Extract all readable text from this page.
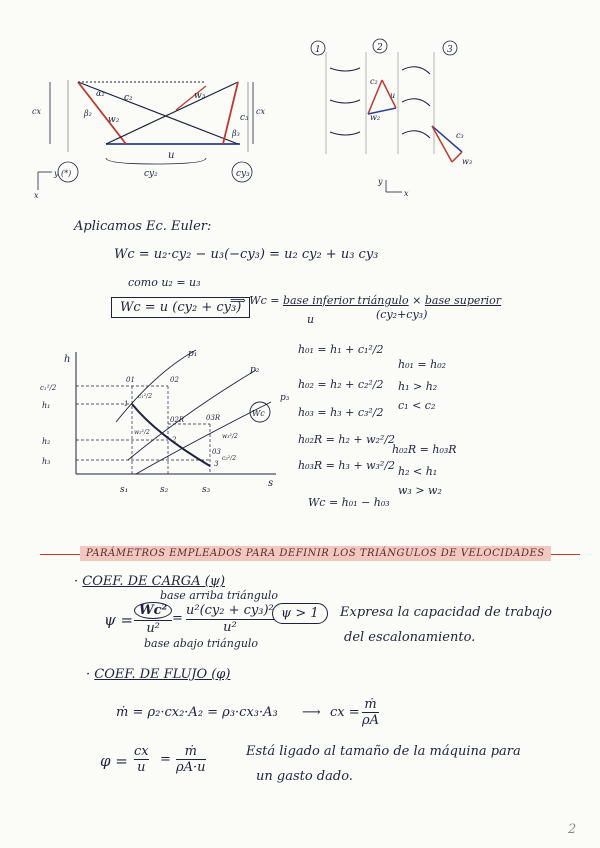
c₂	w₃
w₂	c₃
u
cx	cx
β₂
β₃
α₂
cy₂	cy₃
(*)
y
x
1	2	3
c₂
u
w₂
c₃
w₃
y
x
Aplicamos Ec. Euler:
Wc = u₂·cy₂ − u₃(−cy₃) = u₂ cy₂ + u₃ cy₃
como u₂ = u₃
Wc = u (cy₂ + cy₃)
⟹ Wc = base inferior triángulo × base superior
u	(cy₂+cy₃)
h
s
p₁
p₂
p₃
c₁²/2
h₁
h₂
h₃
s₁	s₂	s₃
01	02
02R	03R
03
1
2
3
c₁²/2
w₂²/2
w₃²/2
c₃²/2
Wc
h₀₁ = h₁ + c₁²/2
h₀₂ = h₂ + c₂²/2
h₀₃ = h₃ + c₃²/2
h₀₂R = h₂ + w₂²/2
h₀₃R = h₃ + w₃²/2
Wc = h₀₁ − h₀₃
h₀₁ = h₀₂
h₁ > h₂
c₁ < c₂
h₀₂R = h₀₃R
h₂ < h₁
w₃ > w₂
PARÁMETROS EMPLEADOS PARA DEFINIR LOS TRIÁNGULOS DE VELOCIDADES
· COEF. DE CARGA (ψ)
base arriba triángulo
ψ =
Wc²
u²
=
u²(cy₂ + cy₃)²
u²
base abajo triángulo
ψ > 1	Expresa la capacidad de trabajo
del escalonamiento.
· COEF. DE FLUJO (φ)
ṁ = ρ₂·cx₂·A₂ = ρ₃·cx₃·A₃ ⟶ cx =
ṁ
ρA
φ =
cx
u
=
ṁ
ρA·u
Está ligado al tamaño de la máquina para
un gasto dado.
2
